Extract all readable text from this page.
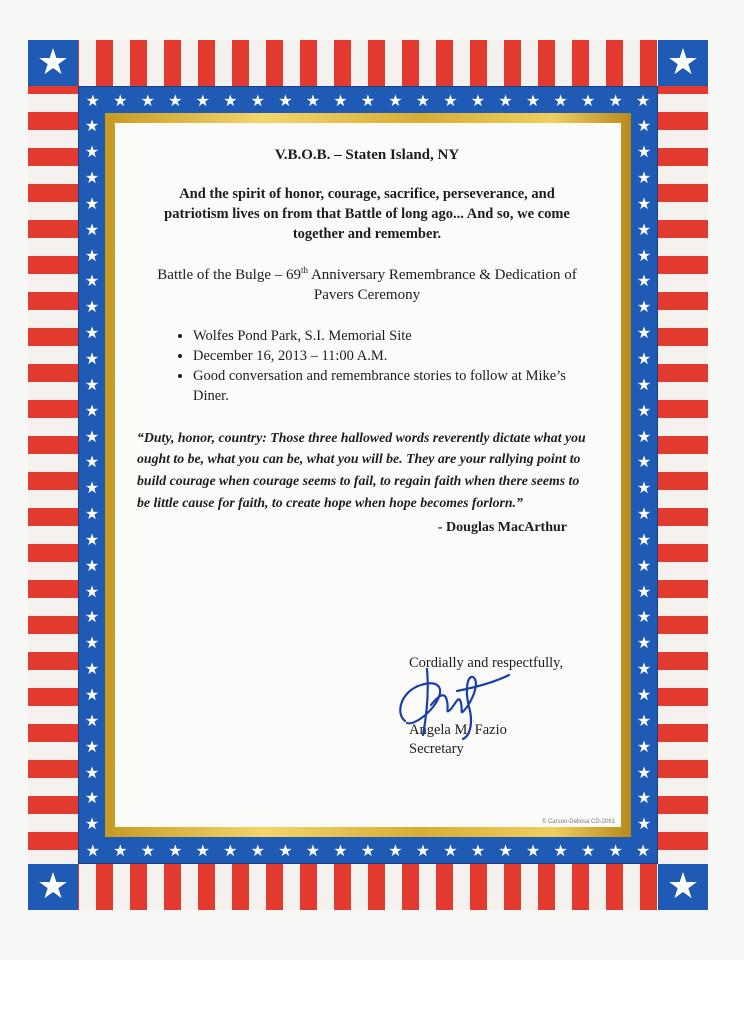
★	★
★	★
★ ★ ★ ★ ★ ★ ★ ★ ★ ★ ★ ★ ★ ★ ★ ★ ★ ★ ★ ★ ★
★ ★ ★ ★ ★ ★ ★ ★ ★ ★ ★ ★ ★ ★ ★ ★ ★ ★ ★ ★ ★
★
★
★
★
★
★
★
★
★
★
★
★
★
★
★
★
★
★
★
★
★
★
★
★
★
★
★
★
★
★
★
★
★
★
★
★
★
★
★
★
★
★
★
★
★
★
★
★
★
★
★
★
★
★
★
★
V.B.O.B. – Staten Island, NY
And the spirit of honor, courage, sacrifice, perseverance, and patriotism lives on from that Battle of long ago... And so, we come together and remember.
Battle of the Bulge – 69th Anniversary Remembrance & Dedication of Pavers Ceremony
• Wolfes Pond Park, S.I. Memorial Site
• December 16, 2013 – 11:00 A.M.
• Good conversation and remembrance stories to follow at Mike’s Diner.
“Duty, honor, country: Those three hallowed words reverently dictate what you ought to be, what you can be, what you will be. They are your rallying point to build courage when courage seems to fail, to regain faith when there seems to be little cause for faith, to create hope when hope becomes forlorn.”
- Douglas MacArthur
Cordially and respectfully,
Angela M. Fazio
Secretary
© Carson-Dellosa CD-2061
